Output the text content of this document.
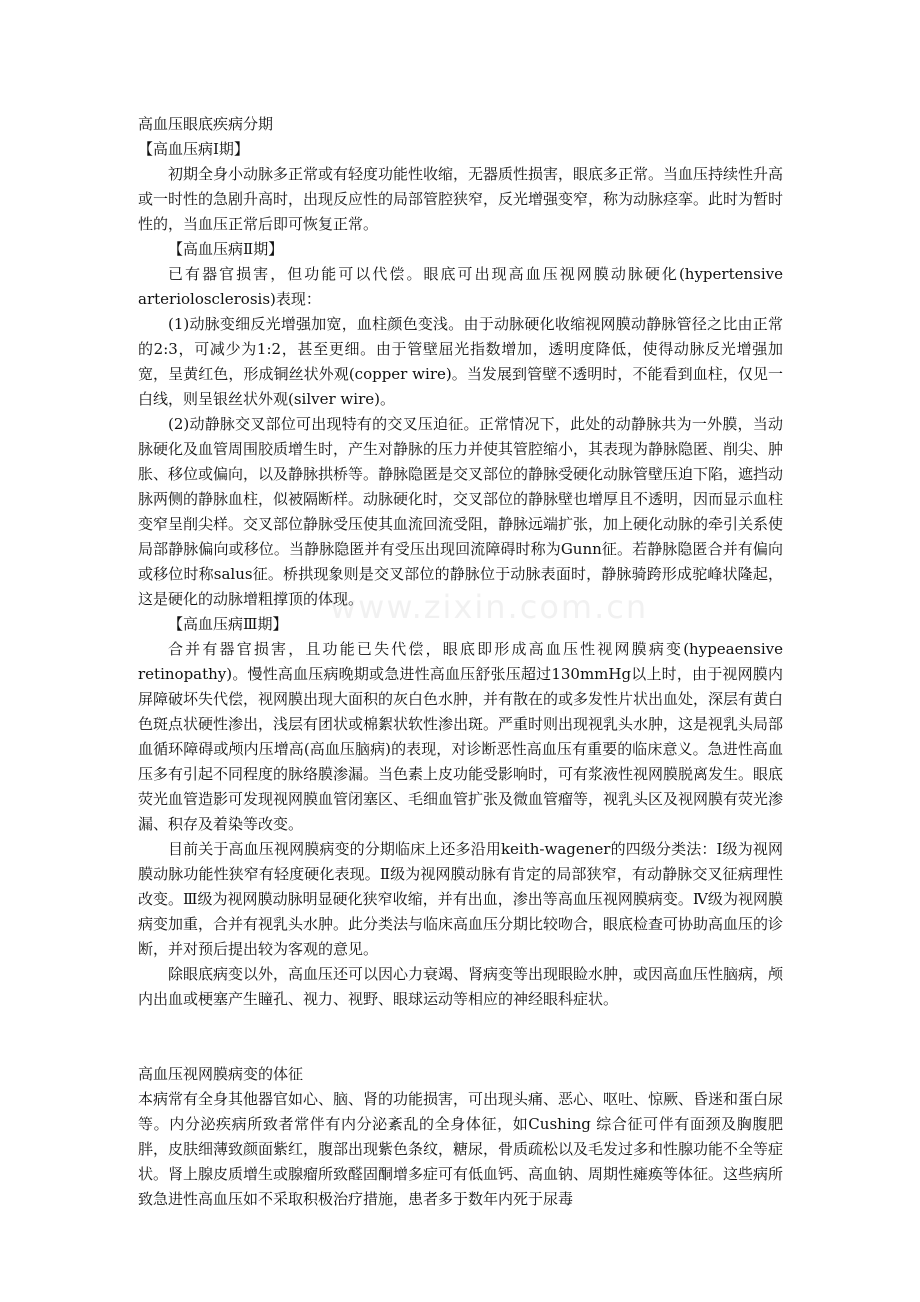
www.zixin.com.cn

高血压眼底疾病分期

【高血压病Ⅰ期】

初期全身小动脉多正常或有轻度功能性收缩，无器质性损害，眼底多正常。当血压持续性升高或一时性的急剧升高时，出现反应性的局部管腔狭窄，反光增强变窄，称为动脉痉挛。此时为暂时性的，当血压正常后即可恢复正常。

【高血压病Ⅱ期】

已有器官损害，但功能可以代偿。眼底可出现高血压视网膜动脉硬化(hypertensive arteriolosclerosis)表现：

(1)动脉变细反光增强加宽，血柱颜色变浅。由于动脉硬化收缩视网膜动静脉管径之比由正常的2:3，可减少为1:2，甚至更细。由于管壁屈光指数增加，透明度降低，使得动脉反光增强加宽，呈黄红色，形成铜丝状外观(copper wire)。当发展到管壁不透明时，不能看到血柱，仅见一白线，则呈银丝状外观(silver wire)。

(2)动静脉交叉部位可出现特有的交叉压迫征。正常情况下，此处的动静脉共为一外膜，当动脉硬化及血管周围胶质增生时，产生对静脉的压力并使其管腔缩小，其表现为静脉隐匿、削尖、肿胀、移位或偏向，以及静脉拱桥等。静脉隐匿是交叉部位的静脉受硬化动脉管壁压迫下陷，遮挡动脉两侧的静脉血柱，似被隔断样。动脉硬化时，交叉部位的静脉壁也增厚且不透明，因而显示血柱变窄呈削尖样。交叉部位静脉受压使其血流回流受阻，静脉远端扩张，加上硬化动脉的牵引关系使局部静脉偏向或移位。当静脉隐匿并有受压出现回流障碍时称为Gunn征。若静脉隐匿合并有偏向或移位时称salus征。桥拱现象则是交叉部位的静脉位于动脉表面时，静脉骑跨形成驼峰状隆起，这是硬化的动脉增粗撑顶的体现。

【高血压病Ⅲ期】

合并有器官损害，且功能已失代偿，眼底即形成高血压性视网膜病变(hypeaensive retinopathy)。慢性高血压病晚期或急进性高血压舒张压超过130mmHg以上时，由于视网膜内屏障破坏失代偿，视网膜出现大面积的灰白色水肿，并有散在的或多发性片状出血处，深层有黄白色斑点状硬性渗出，浅层有团状或棉絮状软性渗出斑。严重时则出现视乳头水肿，这是视乳头局部血循环障碍或颅内压增高(高血压脑病)的表现，对诊断恶性高血压有重要的临床意义。急进性高血压多有引起不同程度的脉络膜渗漏。当色素上皮功能受影响时，可有浆液性视网膜脱离发生。眼底荧光血管造影可发现视网膜血管闭塞区、毛细血管扩张及微血管瘤等，视乳头区及视网膜有荧光渗漏、积存及着染等改变。

目前关于高血压视网膜病变的分期临床上还多沿用keith-wagener的四级分类法：Ⅰ级为视网膜动脉功能性狭窄有轻度硬化表现。Ⅱ级为视网膜动脉有肯定的局部狭窄，有动静脉交叉征病理性改变。Ⅲ级为视网膜动脉明显硬化狭窄收缩，并有出血，渗出等高血压视网膜病变。Ⅳ级为视网膜病变加重，合并有视乳头水肿。此分类法与临床高血压分期比较吻合，眼底检查可协助高血压的诊断，并对预后提出较为客观的意见。

除眼底病变以外，高血压还可以因心力衰竭、肾病变等出现眼睑水肿，或因高血压性脑病，颅内出血或梗塞产生瞳孔、视力、视野、眼球运动等相应的神经眼科症状。

高血压视网膜病变的体征

本病常有全身其他器官如心、脑、肾的功能损害，可出现头痛、恶心、呕吐、惊厥、昏迷和蛋白尿等。内分泌疾病所致者常伴有内分泌紊乱的全身体征，如Cushing 综合征可伴有面颈及胸腹肥胖，皮肤细薄致颜面紫红，腹部出现紫色条纹，糖尿，骨质疏松以及毛发过多和性腺功能不全等症状。肾上腺皮质增生或腺瘤所致醛固酮增多症可有低血钙、高血钠、周期性瘫痪等体征。这些病所致急进性高血压如不采取积极治疗措施，患者多于数年内死于尿毒
